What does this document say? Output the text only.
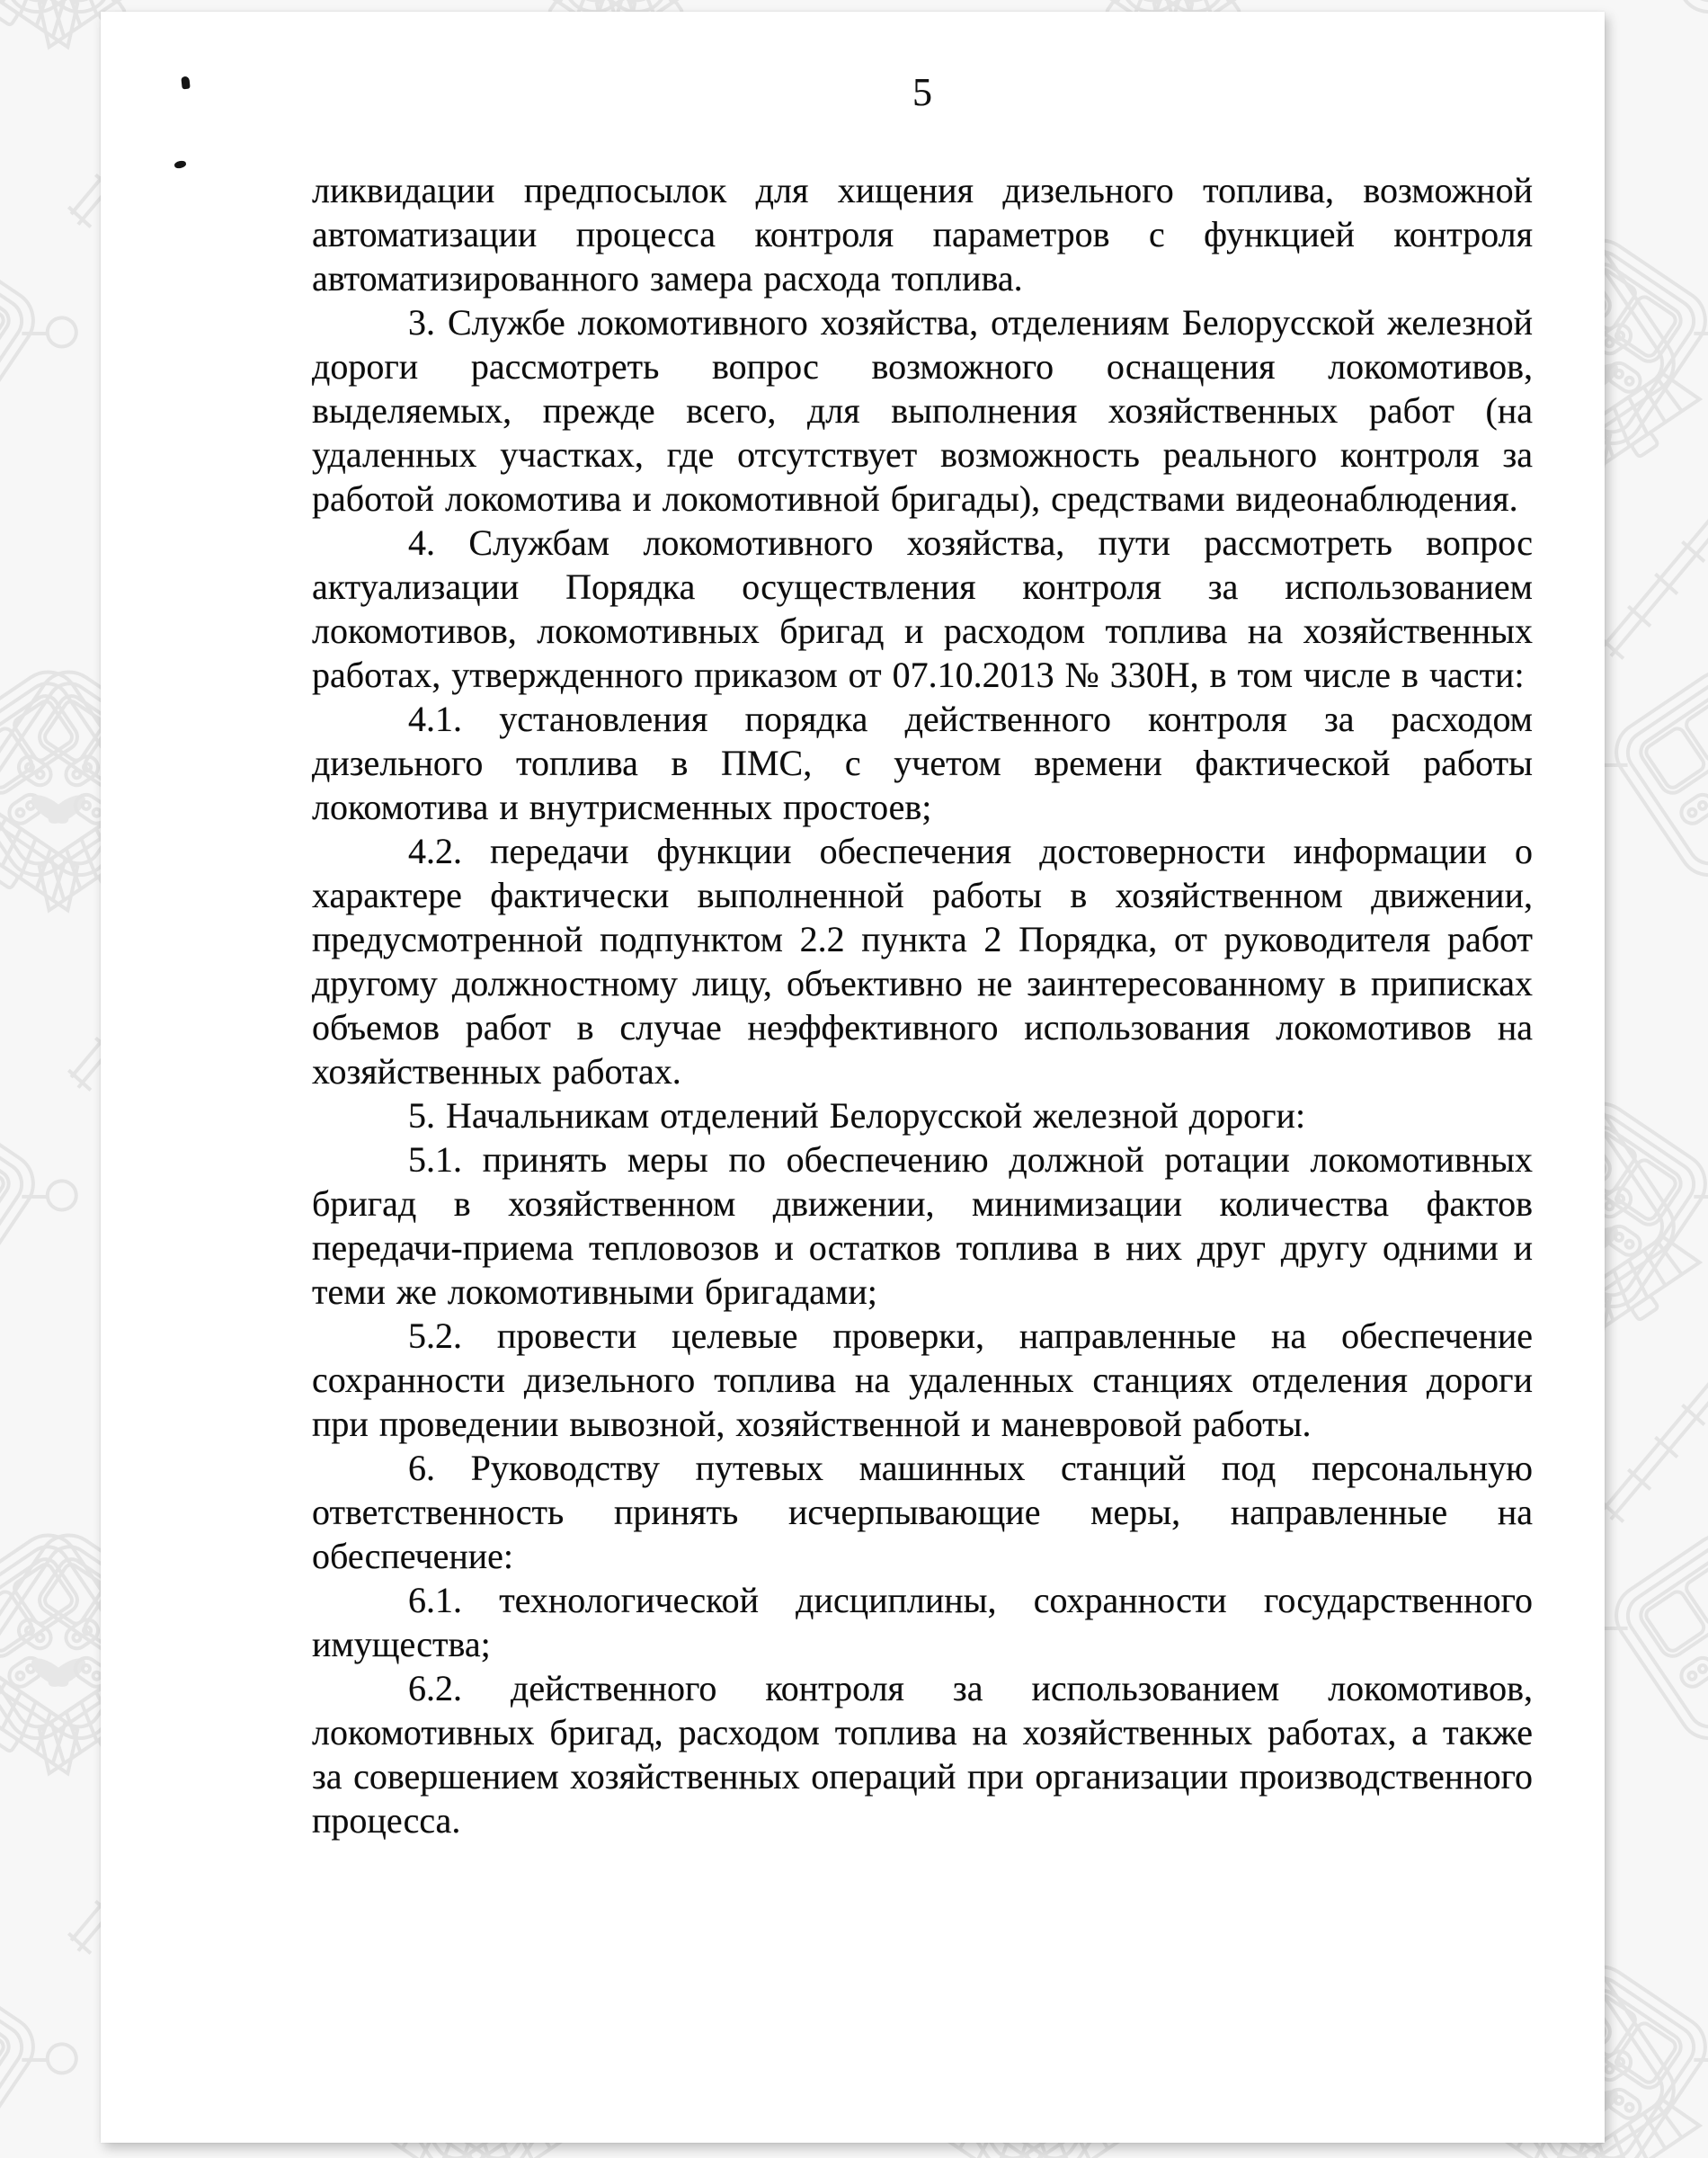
5

ликвидации предпосылок для хищения дизельного топлива, возможной автоматизации процесса контроля параметров с функцией контроля автоматизированного замера расхода топлива.

3. Службе локомотивного хозяйства, отделениям Белорусской железной дороги рассмотреть вопрос возможного оснащения локомотивов, выделяемых, прежде всего, для выполнения хозяйственных работ (на удаленных участках, где отсутствует возможность реального контроля за работой локомотива и локомотивной бригады), средствами видеонаблюдения.

4. Службам локомотивного хозяйства, пути рассмотреть вопрос актуализации Порядка осуществления контроля за использованием локомотивов, локомотивных бригад и расходом топлива на хозяйственных работах, утвержденного приказом от 07.10.2013 № 330Н, в том числе в части:

4.1. установления порядка действенного контроля за расходом дизельного топлива в ПМС, с учетом времени фактической работы локомотива и внутрисменных простоев;

4.2. передачи функции обеспечения достоверности информации о характере фактически выполненной работы в хозяйственном движении, предусмотренной подпунктом 2.2 пункта 2 Порядка, от руководителя работ другому должностному лицу, объективно не заинтересованному в приписках объемов работ в случае неэффективного использования локомотивов на хозяйственных работах.

5. Начальникам отделений Белорусской железной дороги:

5.1. принять меры по обеспечению должной ротации локомотивных бригад в хозяйственном движении, минимизации количества фактов передачи-приема тепловозов и остатков топлива в них друг другу одними и теми же локомотивными бригадами;

5.2. провести целевые проверки, направленные на обеспечение сохранности дизельного топлива на удаленных станциях отделения дороги при проведении вывозной, хозяйственной и маневровой работы.

6. Руководству путевых машинных станций под персональную ответственность принять исчерпывающие меры, направленные на обеспечение:

6.1. технологической дисциплины, сохранности государственного имущества;

6.2. действенного контроля за использованием локомотивов, локомотивных бригад, расходом топлива на хозяйственных работах, а также за совершением хозяйственных операций при организации производственного процесса.
